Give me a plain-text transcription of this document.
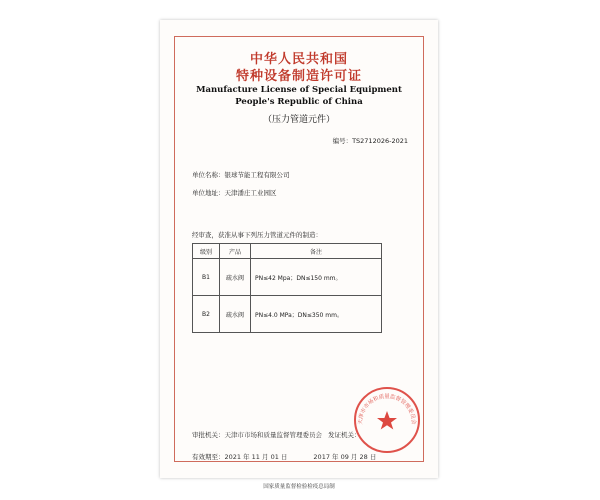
中华人民共和国
特种设备制造许可证
Manufacture License of Special Equipment
People's Republic of China
（压力管道元件）
编号：TS2712026-2021
单位名称：银球节能工程有限公司
单位地址：天津潘庄工业园区
经审查，获准从事下列压力管道元件的制造：
级别	产品	备注
B1	疏水阀	PN≤42 Mpa；DN≤150 mm。
B2	疏水阀	PN≤4.0 MPa；DN≤350 mm。
审批机关：天津市市场和质量监督管理委员会 发证机关：
有效期至：2021 年 11 月 01 日	2017 年 09 月 28 日
天津市市场和质量监督管理委员会
国家质量监督检验检疫总局制
